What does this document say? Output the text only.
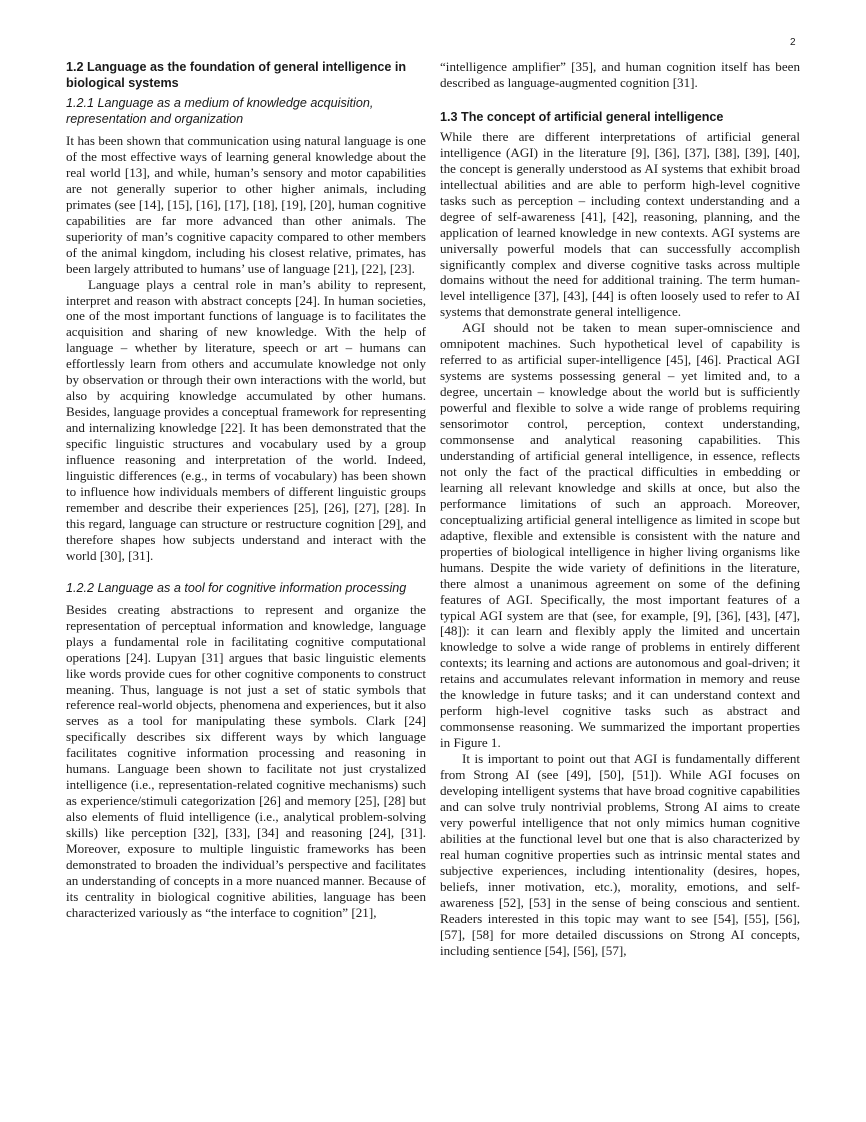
2
1.2 Language as the foundation of general intelligence in biological systems
1.2.1 Language as a medium of knowledge acquisition, representation and organization

It has been shown that communication using natural language is one of the most effective ways of learning general knowledge about the real world [13], and while, human’s sensory and motor capabilities are not generally superior to other higher animals, including primates (see [14], [15], [16], [17], [18], [19], [20], human cognitive capabilities are far more advanced than other animals. The superiority of man’s cognitive capacity compared to other members of the animal kingdom, including his closest relative, primates, has been largely attributed to humans’ use of language [21], [22], [23].

Language plays a central role in man’s ability to represent, interpret and reason with abstract concepts [24]. In human societies, one of the most important functions of language is to facilitates the acquisition and sharing of new knowledge. With the help of language – whether by literature, speech or art – humans can effortlessly learn from others and accumulate knowledge not only by observation or through their own interactions with the world, but also by acquiring knowledge accumulated by other humans. Besides, language provides a conceptual framework for representing and internalizing knowledge [22]. It has been demonstrated that the specific linguistic structures and vocabulary used by a group influence reasoning and interpretation of the world. Indeed, linguistic differences (e.g., in terms of vocabulary) has been shown to influence how individuals members of different linguistic groups remember and describe their experiences [25], [26], [27], [28]. In this regard, language can structure or restructure cognition [29], and therefore shapes how subjects understand and interact with the world [30], [31].

1.2.2 Language as a tool for cognitive information processing

Besides creating abstractions to represent and organize the representation of perceptual information and knowledge, language plays a fundamental role in facilitating cognitive computational operations [24]. Lupyan [31] argues that basic linguistic elements like words provide cues for other cognitive components to construct meaning. Thus, language is not just a set of static symbols that reference real-world objects, phenomena and experiences, but it also serves as a tool for manipulating these symbols. Clark [24] specifically describes six different ways by which language facilitates cognitive information processing and reasoning in humans. Language been shown to facilitate not just crystalized intelligence (i.e., representation-related cognitive mechanisms) such as experience/stimuli categorization [26] and memory [25], [28] but also elements of fluid intelligence (i.e., analytical problem-solving skills) like perception [32], [33], [34] and reasoning [24], [31]. Moreover, exposure to multiple linguistic frameworks has been demonstrated to broaden the individual’s perspective and facilitates an understanding of concepts in a more nuanced manner. Because of its centrality in biological cognitive abilities, language has been characterized variously as “the interface to cognition” [21],

“intelligence amplifier” [35], and human cognition itself has been described as language-augmented cognition [31].

1.3 The concept of artificial general intelligence

While there are different interpretations of artificial general intelligence (AGI) in the literature [9], [36], [37], [38], [39], [40], the concept is generally understood as AI systems that exhibit broad intellectual abilities and are able to perform high-level cognitive tasks such as perception – including context understanding and a degree of self-awareness [41], [42], reasoning, planning, and the application of learned knowledge in new contexts. AGI systems are universally powerful models that can successfully accomplish significantly complex and diverse cognitive tasks across multiple domains without the need for additional training. The term human-level intelligence [37], [43], [44] is often loosely used to refer to AI systems that demonstrate general intelligence.

AGI should not be taken to mean super-omniscience and omnipotent machines. Such hypothetical level of capability is referred to as artificial super-intelligence [45], [46]. Practical AGI systems are systems possessing general – yet limited and, to a degree, uncertain – knowledge about the world but is sufficiently powerful and flexible to solve a wide range of problems requiring sensorimotor control, perception, context understanding, commonsense and analytical reasoning capabilities. This understanding of artificial general intelligence, in essence, reflects not only the fact of the practical difficulties in embedding or learning all relevant knowledge and skills at once, but also the performance limitations of such an approach. Moreover, conceptualizing artificial general intelligence as limited in scope but adaptive, flexible and extensible is consistent with the nature and properties of biological intelligence in higher living organisms like humans. Despite the wide variety of definitions in the literature, there almost a unanimous agreement on some of the defining features of AGI. Specifically, the most important features of a typical AGI system are that (see, for example, [9], [36], [43], [47], [48]): it can learn and flexibly apply the limited and uncertain knowledge to solve a wide range of problems in entirely different contexts; its learning and actions are autonomous and goal-driven; it retains and accumulates relevant information in memory and reuse the knowledge in future tasks; and it can understand context and perform high-level cognitive tasks such as abstract and commonsense reasoning. We summarized the important properties in Figure 1.

It is important to point out that AGI is fundamentally different from Strong AI (see [49], [50], [51]). While AGI focuses on developing intelligent systems that have broad cognitive capabilities and can solve truly nontrivial problems, Strong AI aims to create very powerful intelligence that not only mimics human cognitive abilities at the functional level but one that is also characterized by real human cognitive properties such as intrinsic mental states and subjective experiences, including intentionality (desires, hopes, beliefs, inner motivation, etc.), morality, emotions, and self-awareness [52], [53] in the sense of being conscious and sentient. Readers interested in this topic may want to see [54], [55], [56], [57], [58] for more detailed discussions on Strong AI concepts, including sentience [54], [56], [57],
